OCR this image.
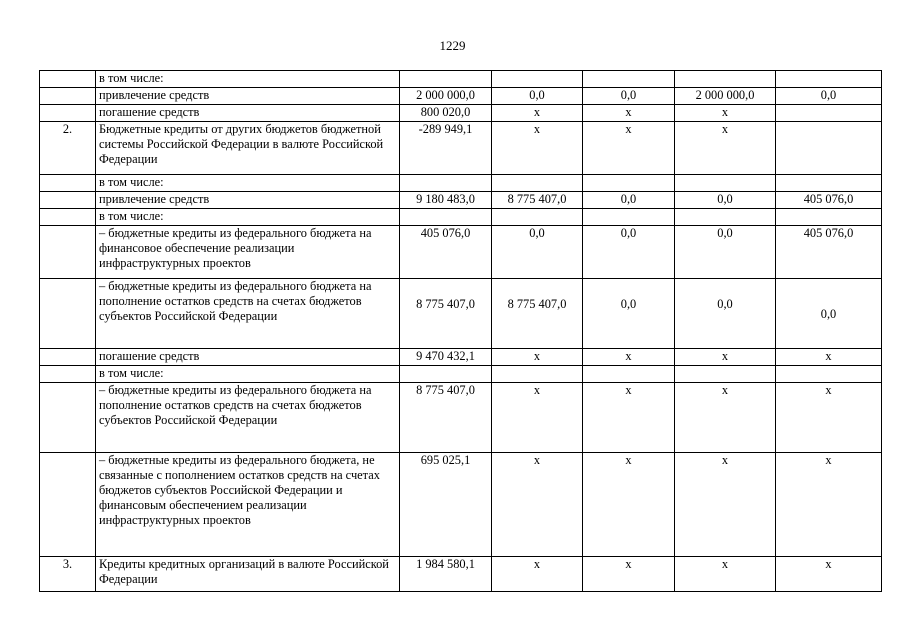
1229
	в том числе:					
	привлечение средств	2 000 000,0	0,0	0,0	2 000 000,0	0,0
	погашение средств	800 020,0	х	х	х	
2.	Бюджетные кредиты от других бюджетов бюджетной системы Российской Федерации в валюте Российской Федерации	-289 949,1	х	х	х	
	в том числе:					
	привлечение средств	9 180 483,0	8 775 407,0	0,0	0,0	405 076,0
	в том числе:					
	– бюджетные кредиты из федерального бюджета на финансовое обеспечение реализации инфраструктурных проектов	405 076,0	0,0	0,0	0,0	405 076,0
	– бюджетные кредиты из федерального бюджета на пополнение остатков средств на счетах бюджетов субъектов Российской Федерации	8 775 407,0	8 775 407,0	0,0	0,0	0,0
	погашение средств	9 470 432,1	х	х	х	х
	в том числе:					
	– бюджетные кредиты из федерального бюджета на пополнение остатков средств на счетах бюджетов субъектов Российской Федерации	8 775 407,0	х	х	х	х
	– бюджетные кредиты из федерального бюджета, не связанные с пополнением остатков средств на счетах бюджетов субъектов Российской Федерации и финансовым обеспечением реализации инфраструктурных проектов	695 025,1	х	х	х	х
3.	Кредиты кредитных организаций в валюте Российской Федерации	1 984 580,1	х	х	х	х
